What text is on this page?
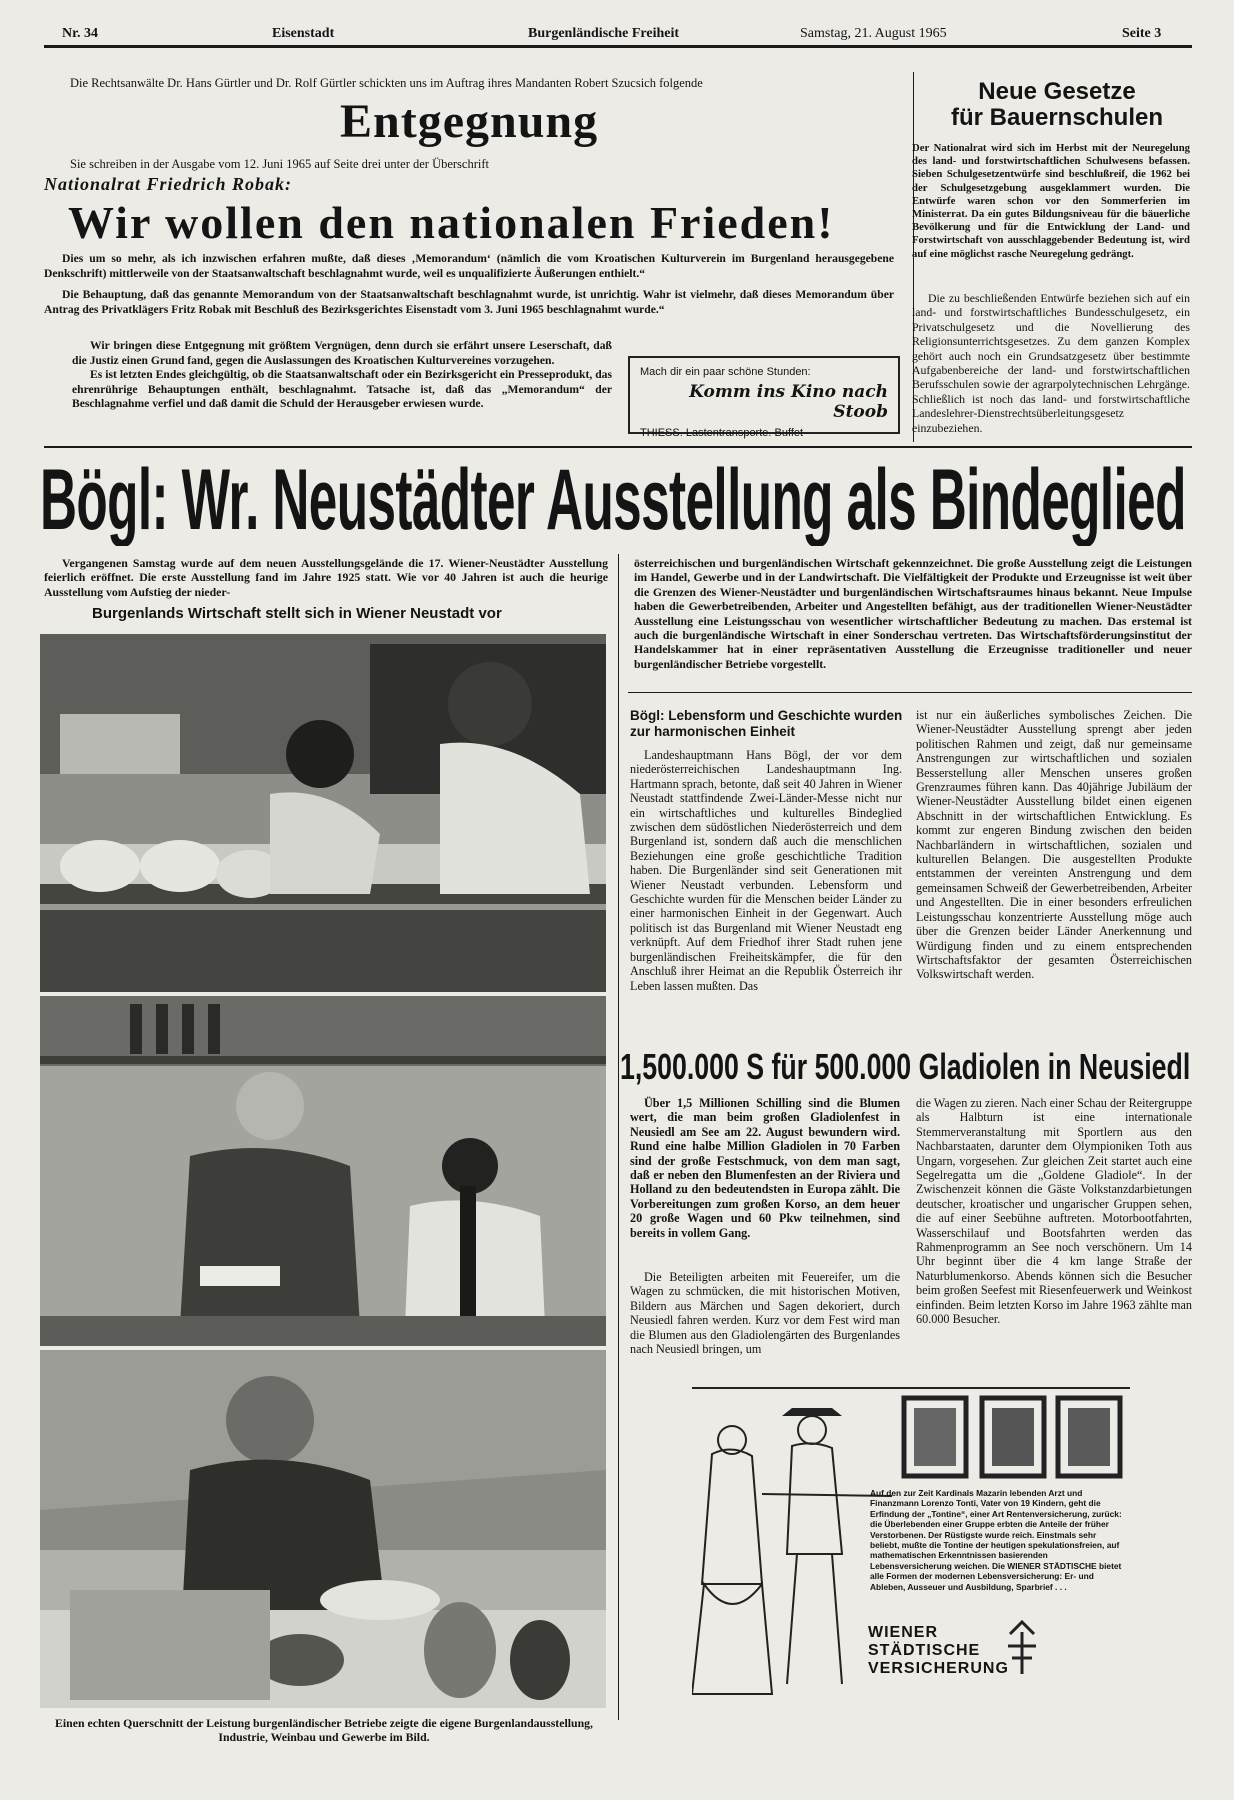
Nr. 34	Eisenstadt	Burgenländische Freiheit	Samstag, 21. August 1965	Seite 3
Die Rechtsanwälte Dr. Hans Gürtler und Dr. Rolf Gürtler schickten uns im Auftrag ihres Mandanten Robert Szucsich folgende
Entgegnung
Sie schreiben in der Ausgabe vom 12. Juni 1965 auf Seite drei unter der Überschrift
Nationalrat Friedrich Robak:
Wir wollen den nationalen Frieden!

Dies um so mehr, als ich inzwischen erfahren mußte, daß dieses ‚Memorandum‘ (nämlich die vom Kroatischen Kulturverein im Burgenland herausgegebene Denkschrift) mittlerweile von der Staatsanwaltschaft beschlagnahmt wurde, weil es unqualifizierte Äußerungen enthielt.“

Die Behauptung, daß das genannte Memorandum von der Staatsanwaltschaft beschlagnahmt wurde, ist unrichtig. Wahr ist vielmehr, daß dieses Memorandum über Antrag des Privatklägers Fritz Robak mit Beschluß des Bezirksgerichtes Eisenstadt vom 3. Juni 1965 beschlagnahmt wurde.“

Wir bringen diese Entgegnung mit größtem Vergnügen, denn durch sie erfährt unsere Leserschaft, daß die Justiz einen Grund fand, gegen die Auslassungen des Kroatischen Kulturvereines vorzugehen.

Es ist letzten Endes gleichgültig, ob die Staatsanwaltschaft oder ein Bezirksgericht ein Presseprodukt, das ehrenrührige Behauptungen enthält, beschlagnahmt. Tatsache ist, daß das „Memorandum“ der Beschlagnahme verfiel und daß damit die Schuld der Herausgeber erwiesen wurde.

Mach dir ein paar schöne Stunden:
Komm ins Kino nach Stoob
THIESS. Lastentransporte. Buffet
Neue Gesetze
für Bauernschulen
Der Nationalrat wird sich im Herbst mit der Neuregelung des land- und forstwirtschaftlichen Schulwesens befassen. Sieben Schulgesetzentwürfe sind beschlußreif, die 1962 bei der Schulgesetzgebung ausgeklammert wurden. Die Entwürfe waren schon vor den Sommerferien im Ministerrat. Da ein gutes Bildungsniveau für die bäuerliche Bevölkerung und für die Entwicklung der Land- und Forstwirtschaft von ausschlaggebender Bedeutung ist, wird auf eine möglichst rasche Neuregelung gedrängt.
Die zu beschließenden Entwürfe beziehen sich auf ein land- und forstwirtschaftliches Bundesschulgesetz, ein Privatschulgesetz und die Novellierung des Religionsunterrichtsgesetzes. Zu dem ganzen Komplex gehört auch noch ein Grundsatzgesetz über bestimmte Aufgabenbereiche der land- und forstwirtschaftlichen Berufsschulen sowie der agrarpolytechnischen Lehrgänge. Schließlich ist noch das land- und forstwirtschaftliche Landeslehrer-Dienstrechtsüberleitungsgesetz einzubeziehen.
Bögl: Wr. Neustädter Ausstellung als Bindeglied
Vergangenen Samstag wurde auf dem neuen Ausstellungsgelände die 17. Wiener-Neustädter Ausstellung feierlich eröffnet. Die erste Ausstellung fand im Jahre 1925 statt. Wie vor 40 Jahren ist auch die heurige Ausstellung vom Aufstieg der nieder-
Burgenlands Wirtschaft stellt sich in Wiener Neustadt vor
österreichischen und burgenländischen Wirtschaft gekennzeichnet. Die große Ausstellung zeigt die Leistungen im Handel, Gewerbe und in der Landwirtschaft. Die Vielfältigkeit der Produkte und Erzeugnisse ist weit über die Grenzen des Wiener-Neustädter und burgenländischen Wirtschaftsraumes hinaus bekannt. Neue Impulse haben die Gewerbetreibenden, Arbeiter und Angestellten befähigt, aus der traditionellen Wiener-Neustädter Ausstellung eine Leistungsschau von wesentlicher wirtschaftlicher Bedeutung zu machen. Das erstemal ist auch die burgenländische Wirtschaft in einer Sonderschau vertreten. Das Wirtschaftsförderungsinstitut der Handelskammer hat in einer repräsentativen Ausstellung die Erzeugnisse traditioneller und neuer burgenländischer Betriebe vorgestellt.
Einen echten Querschnitt der Leistung burgenländischer Betriebe zeigte die eigene Burgenlandausstellung, Industrie, Weinbau und Gewerbe im Bild.
Bögl: Lebensform und Geschichte wurden zur harmonischen Einheit
Landeshauptmann Hans Bögl, der vor dem niederösterreichischen Landeshauptmann Ing. Hartmann sprach, betonte, daß seit 40 Jahren in Wiener Neustadt stattfindende Zwei-Länder-Messe nicht nur ein wirtschaftliches und kulturelles Bindeglied zwischen dem südöstlichen Niederösterreich und dem Burgenland ist, sondern daß auch die menschlichen Beziehungen eine große geschichtliche Tradition haben. Die Burgenländer sind seit Generationen mit Wiener Neustadt verbunden. Lebensform und Geschichte wurden für die Menschen beider Länder zu einer harmonischen Einheit in der Gegenwart. Auch politisch ist das Burgenland mit Wiener Neustadt eng verknüpft. Auf dem Friedhof ihrer Stadt ruhen jene burgenländischen Freiheitskämpfer, die für den Anschluß ihrer Heimat an die Republik Österreich ihr Leben lassen mußten. Das
ist nur ein äußerliches symbolisches Zeichen. Die Wiener-Neustädter Ausstellung sprengt aber jeden politischen Rahmen und zeigt, daß nur gemeinsame Anstrengungen zur wirtschaftlichen und sozialen Besserstellung aller Menschen unseres großen Grenzraumes führen kann. Das 40jährige Jubiläum der Wiener-Neustädter Ausstellung bildet einen eigenen Abschnitt in der wirtschaftlichen Entwicklung. Es kommt zur engeren Bindung zwischen den beiden Nachbarländern in wirtschaftlichen, sozialen und kulturellen Belangen. Die ausgestellten Produkte entstammen der vereinten Anstrengung und dem gemeinsamen Schweiß der Gewerbetreibenden, Arbeiter und Angestellten. Die in einer besonders erfreulichen Leistungsschau konzentrierte Ausstellung möge auch über die Grenzen beider Länder Anerkennung und Würdigung finden und zu einem entsprechenden Wirtschaftsfaktor der gesamten Österreichischen Volkswirtschaft werden.
1,500.000 S für 500.000 Gladiolen in Neusiedl
Über 1,5 Millionen Schilling sind die Blumen wert, die man beim großen Gladiolenfest in Neusiedl am See am 22. August bewundern wird. Rund eine halbe Million Gladiolen in 70 Farben sind der große Festschmuck, von dem man sagt, daß er neben den Blumenfesten an der Riviera und Holland zu den bedeutendsten in Europa zählt. Die Vorbereitungen zum großen Korso, an dem heuer 20 große Wagen und 60 Pkw teilnehmen, sind bereits in vollem Gang.
Die Beteiligten arbeiten mit Feuereifer, um die Wagen zu schmücken, die mit historischen Motiven, Bildern aus Märchen und Sagen dekoriert, durch Neusiedl fahren werden. Kurz vor dem Fest wird man die Blumen aus den Gladiolengärten des Burgenlandes nach Neusiedl bringen, um
die Wagen zu zieren. Nach einer Schau der Reitergruppe als Halbturn ist eine internationale Stemmerveranstaltung mit Sportlern aus den Nachbarstaaten, darunter dem Olympioniken Toth aus Ungarn, vorgesehen. Zur gleichen Zeit startet auch eine Segelregatta um die „Goldene Gladiole“. In der Zwischenzeit können die Gäste Volkstanzdarbietungen deutscher, kroatischer und ungarischer Gruppen sehen, die auf einer Seebühne auftreten. Motorbootfahrten, Wasserschilauf und Bootsfahrten werden das Rahmenprogramm an See noch verschönern. Um 14 Uhr beginnt über die 4 km lange Straße der Naturblumenkorso. Abends können sich die Besucher beim großen Seefest mit Riesenfeuerwerk und Weinkost einfinden. Beim letzten Korso im Jahre 1963 zählte man 60.000 Besucher.
Auf den zur Zeit Kardinals Mazarin lebenden Arzt und Finanzmann Lorenzo Tonti, Vater von 19 Kindern, geht die Erfindung der „Tontine“, einer Art Rentenversicherung, zurück: die Überlebenden einer Gruppe erbten die Anteile der früher Verstorbenen. Der Rüstigste wurde reich. Einstmals sehr beliebt, mußte die Tontine der heutigen spekulationsfreien, auf mathematischen Erkenntnissen basierenden Lebensversicherung weichen. Die WIENER STÄDTISCHE bietet alle Formen der modernen Lebensversicherung: Er- und Ableben, Ausseuer und Ausbildung, Sparbrief . . .
WIENER
STÄDTISCHE
VERSICHERUNG
